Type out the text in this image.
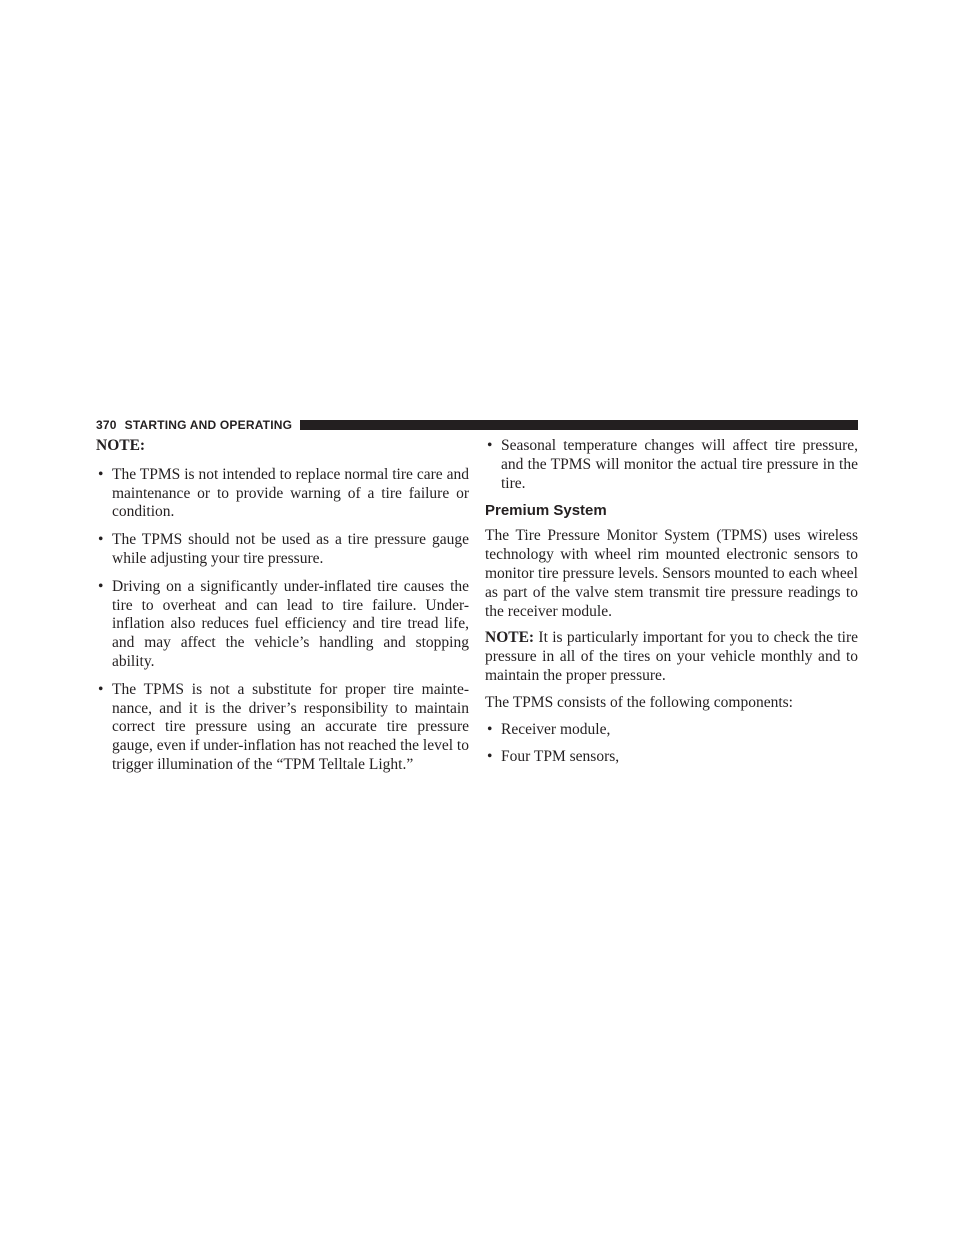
370 STARTING AND OPERATING
NOTE:
• The TPMS is not intended to replace normal tire care and maintenance or to provide warning of a tire failure or condition.
• The TPMS should not be used as a tire pressure gauge while adjusting your tire pressure.
• Driving on a significantly under-inflated tire causes the tire to overheat and can lead to tire failure. Under-inflation also reduces fuel efficiency and tire tread life, and may affect the vehicle’s handling and stopping ability.
• The TPMS is not a substitute for proper tire mainte-nance, and it is the driver’s responsibility to maintain correct tire pressure using an accurate tire pressure gauge, even if under-inflation has not reached the level to trigger illumination of the “TPM Telltale Light.”
• Seasonal temperature changes will affect tire pressure, and the TPMS will monitor the actual tire pressure in the tire.
Premium System

The Tire Pressure Monitor System (TPMS) uses wireless technology with wheel rim mounted electronic sensors to monitor tire pressure levels. Sensors mounted to each wheel as part of the valve stem transmit tire pressure readings to the receiver module.

NOTE: It is particularly important for you to check the tire pressure in all of the tires on your vehicle monthly and to maintain the proper pressure.

The TPMS consists of the following components:

• Receiver module,
• Four TPM sensors,
